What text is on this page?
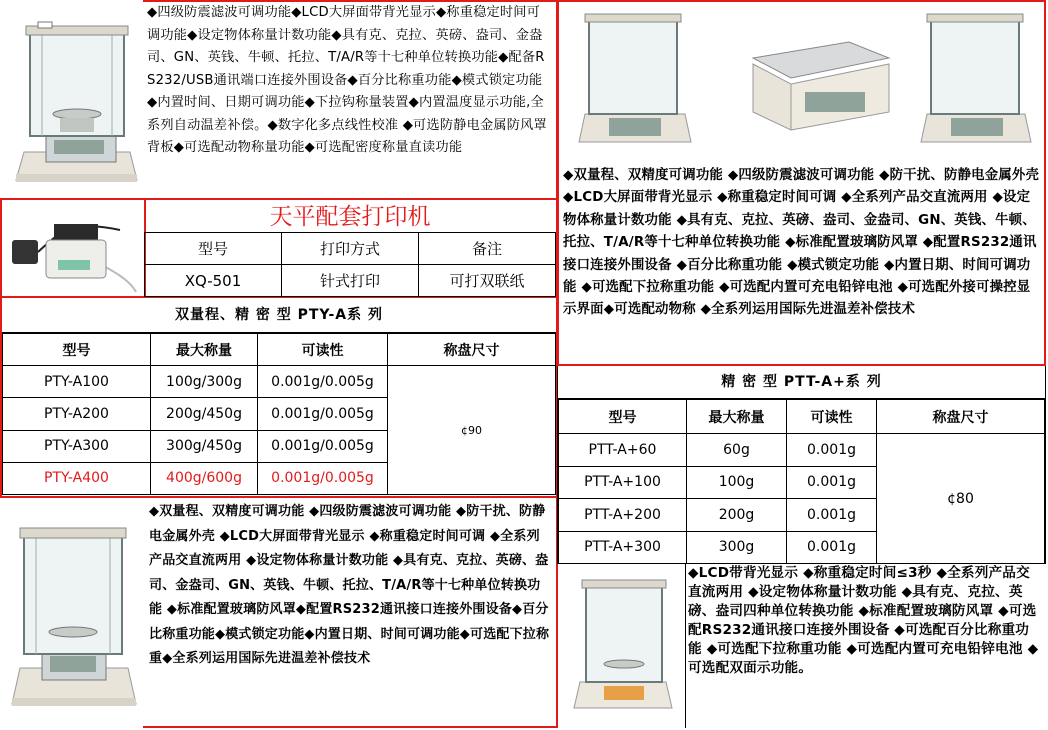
◆四级防震滤波可调功能◆LCD大屏面带背光显示◆称重稳定时间可调功能◆设定物体称量计数功能◆具有克、克拉、英磅、盎司、金盎司、GN、英钱、牛顿、托拉、T/A/R等十七种单位转换功能◆配备RS232/USB通讯端口连接外围设备◆百分比称重功能◆模式锁定功能◆内置时间、日期可调功能◆下拉钩称量装置◆内置温度显示功能,全系列自动温差补偿。◆数字化多点线性校准 ◆可选防静电金属防风罩背板◆可选配动物称量功能◆可选配密度称量直读功能
天平配套打印机
型号	打印方式	备注
XQ-501	针式打印	可打双联纸
双量程、精 密 型 PTY-A系 列
型号	最大称量	可读性	称盘尺寸
PTY-A100	100g/300g	0.001g/0.005g	¢90
PTY-A200	200g/450g	0.001g/0.005g	
PTY-A300	300g/450g	0.001g/0.005g	
PTY-A400	400g/600g	0.001g/0.005g	
◆双量程、双精度可调功能 ◆四级防震滤波可调功能 ◆防干扰、防静电金属外壳 ◆LCD大屏面带背光显示 ◆称重稳定时间可调 ◆全系列产品交直流两用 ◆设定物体称量计数功能 ◆具有克、克拉、英磅、盎司、金盎司、GN、英钱、牛顿、托拉、T/A/R等十七种单位转换功能 ◆标准配置玻璃防风罩◆配置RS232通讯接口连接外围设备◆百分比称重功能◆模式锁定功能◆内置日期、时间可调功能◆可选配下拉称重◆全系列运用国际先进温差补偿技术
◆双量程、双精度可调功能 ◆四级防震滤波可调功能 ◆防干扰、防静电金属外壳 ◆LCD大屏面带背光显示 ◆称重稳定时间可调 ◆全系列产品交直流两用 ◆设定物体称量计数功能 ◆具有克、克拉、英磅、盎司、金盎司、GN、英钱、牛顿、托拉、T/A/R等十七种单位转换功能 ◆标准配置玻璃防风罩 ◆配置RS232通讯接口连接外围设备 ◆百分比称重功能 ◆模式锁定功能 ◆内置日期、时间可调功能 ◆可选配下拉称重功能 ◆可选配内置可充电铅锌电池 ◆可选配外接可操控显示界面◆可选配动物称 ◆全系列运用国际先进温差补偿技术
精 密 型 PTT-A+系 列
型号	最大称量	可读性	称盘尺寸
PTT-A+60	60g	0.001g	¢80
PTT-A+100	100g	0.001g	
PTT-A+200	200g	0.001g	
PTT-A+300	300g	0.001g	
◆LCD带背光显示 ◆称重稳定时间≤3秒 ◆全系列产品交直流两用 ◆设定物体称量计数功能 ◆具有克、克拉、英磅、盎司四种单位转换功能 ◆标准配置玻璃防风罩 ◆可选配RS232通讯接口连接外围设备 ◆可选配百分比称重功能 ◆可选配下拉称重功能 ◆可选配内置可充电铅锌电池 ◆可选配双面示功能。
